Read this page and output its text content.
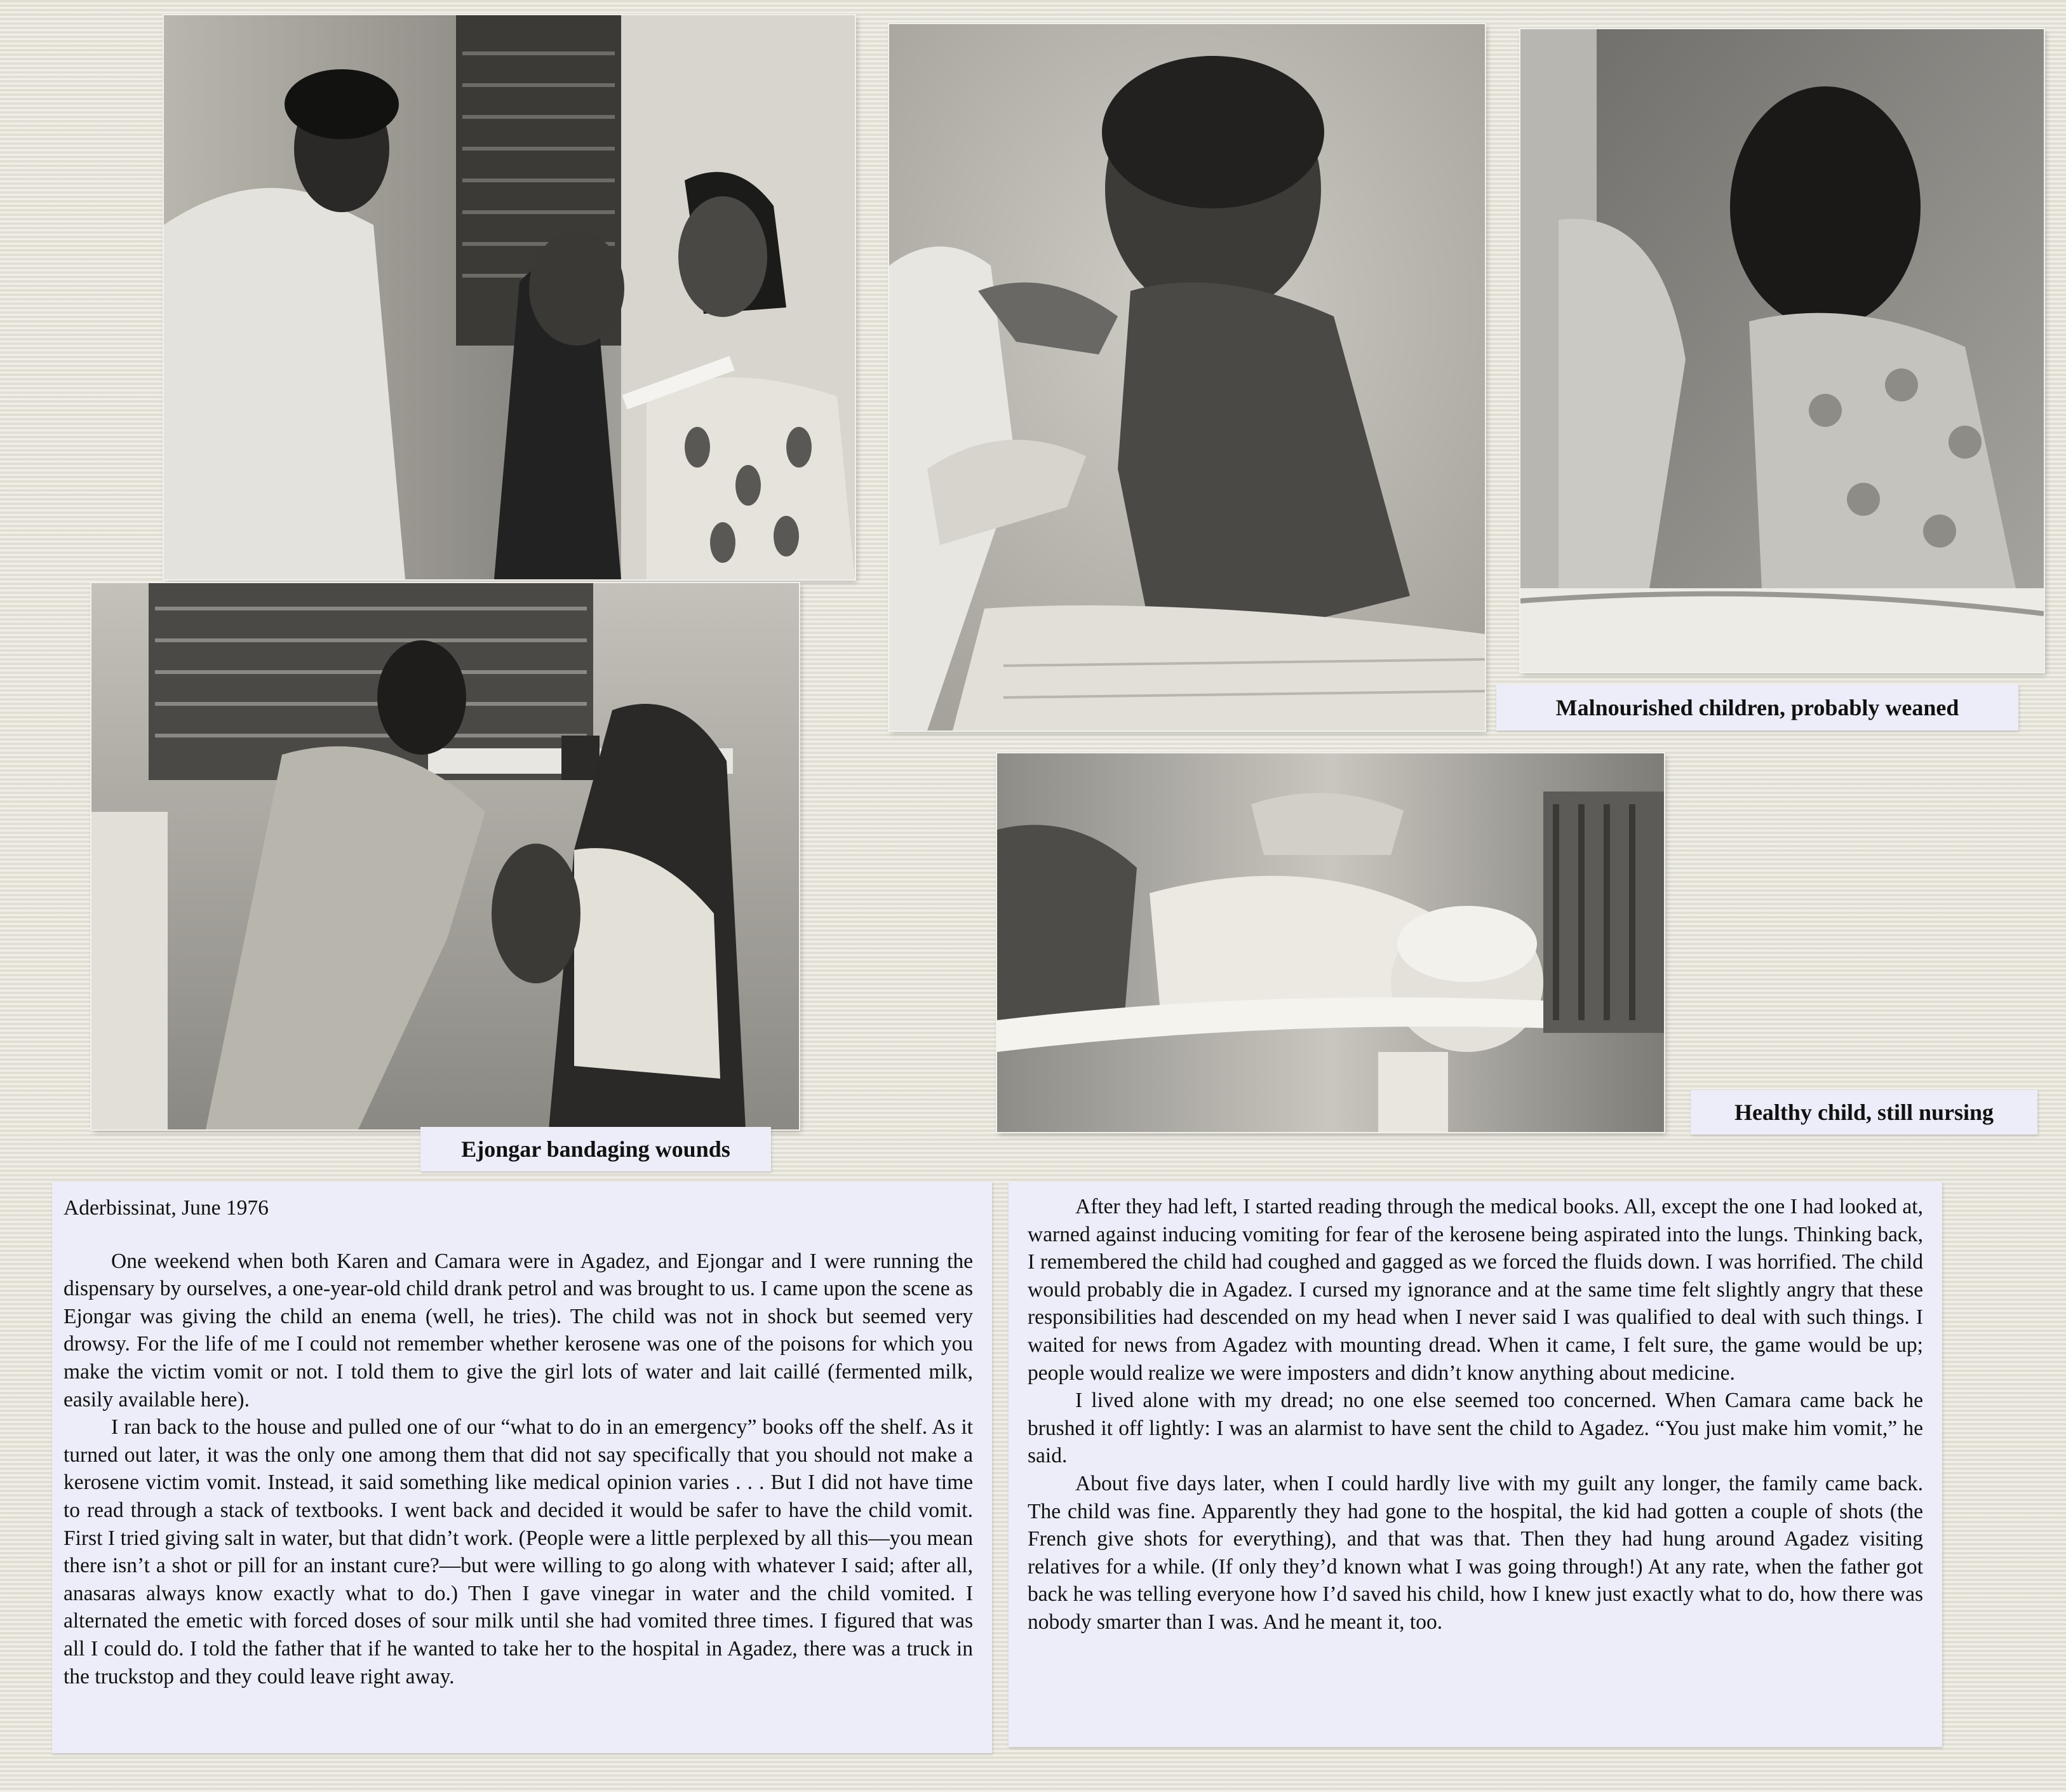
Malnourished children, probably weaned
Ejongar bandaging wounds
Healthy child, still nursing
Aderbissinat, June 1976

One weekend when both Karen and Camara were in Agadez, and Ejongar and I were running the dispensary by ourselves, a one-year-old child drank petrol and was brought to us. I came upon the scene as Ejongar was giving the child an enema (well, he tries). The child was not in shock but seemed very drowsy. For the life of me I could not remember whether kerosene was one of the poisons for which you make the victim vomit or not. I told them to give the girl lots of water and lait caillé (fermented milk, easily available here).

I ran back to the house and pulled one of our “what to do in an emergency” books off the shelf. As it turned out later, it was the only one among them that did not say specifically that you should not make a kerosene victim vomit. Instead, it said something like medical opinion varies . . . But I did not have time to read through a stack of textbooks. I went back and decided it would be safer to have the child vomit. First I tried giving salt in water, but that didn’t work. (People were a little perplexed by all this—you mean there isn’t a shot or pill for an instant cure?—but were willing to go along with whatever I said; after all, anasaras always know exactly what to do.) Then I gave vinegar in water and the child vomited. I alternated the emetic with forced doses of sour milk until she had vomited three times. I figured that was all I could do. I told the father that if he wanted to take her to the hospital in Agadez, there was a truck in the truckstop and they could leave right away.

After they had left, I started reading through the medical books. All, except the one I had looked at, warned against inducing vomiting for fear of the kerosene being aspirated into the lungs. Thinking back, I remembered the child had coughed and gagged as we forced the fluids down. I was horrified. The child would probably die in Agadez. I cursed my ignorance and at the same time felt slightly angry that these responsibilities had descended on my head when I never said I was qualified to deal with such things. I waited for news from Agadez with mounting dread. When it came, I felt sure, the game would be up; people would realize we were imposters and didn’t know anything about medicine.

I lived alone with my dread; no one else seemed too concerned. When Camara came back he brushed it off lightly: I was an alarmist to have sent the child to Agadez. “You just make him vomit,” he said.

About five days later, when I could hardly live with my guilt any longer, the family came back. The child was fine. Apparently they had gone to the hospital, the kid had gotten a couple of shots (the French give shots for everything), and that was that. Then they had hung around Agadez visiting relatives for a while. (If only they’d known what I was going through!) At any rate, when the father got back he was telling everyone how I’d saved his child, how I knew just exactly what to do, how there was nobody smarter than I was. And he meant it, too.
